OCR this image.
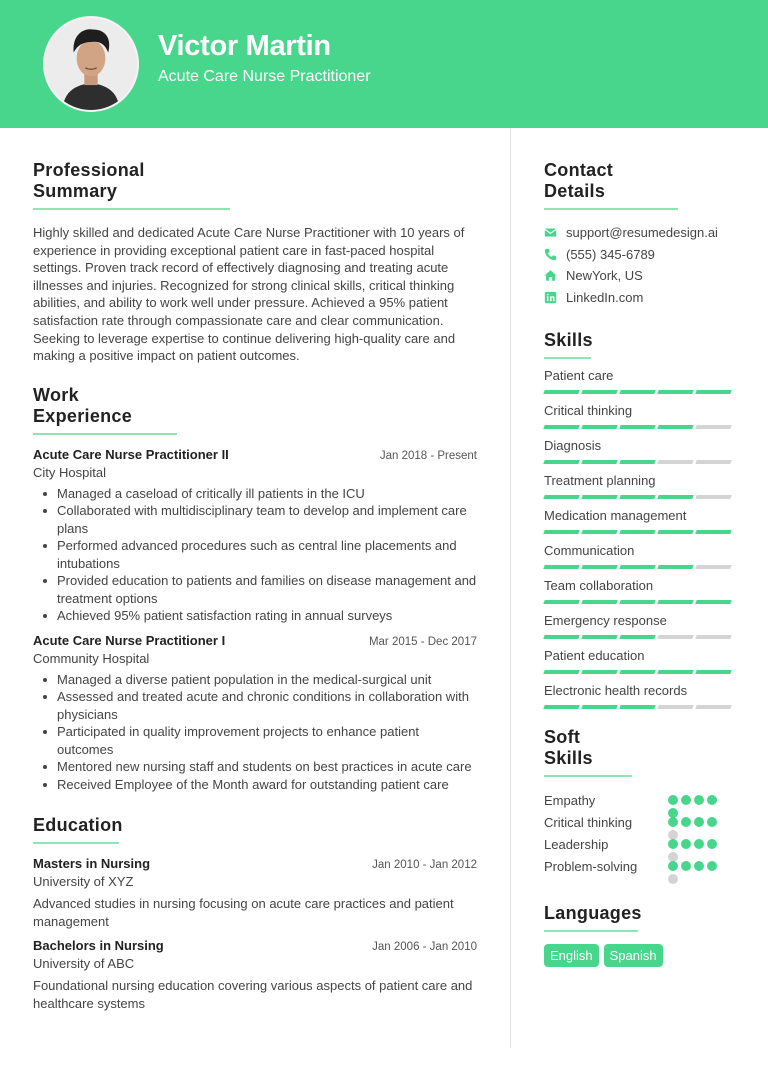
Victor Martin
Acute Care Nurse Practitioner
Professional Summary
Highly skilled and dedicated Acute Care Nurse Practitioner with 10 years of experience in providing exceptional patient care in fast-paced hospital settings. Proven track record of effectively diagnosing and treating acute illnesses and injuries. Recognized for strong clinical skills, critical thinking abilities, and ability to work well under pressure. Achieved a 95% patient satisfaction rate through compassionate care and clear communication. Seeking to leverage expertise to continue delivering high-quality care and making a positive impact on patient outcomes.
Work Experience
Acute Care Nurse Practitioner II	Jan 2018 - Present
City Hospital
Managed a caseload of critically ill patients in the ICU
Collaborated with multidisciplinary team to develop and implement care plans
Performed advanced procedures such as central line placements and intubations
Provided education to patients and families on disease management and treatment options
Achieved 95% patient satisfaction rating in annual surveys
Acute Care Nurse Practitioner I	Mar 2015 - Dec 2017
Community Hospital
Managed a diverse patient population in the medical-surgical unit
Assessed and treated acute and chronic conditions in collaboration with physicians
Participated in quality improvement projects to enhance patient outcomes
Mentored new nursing staff and students on best practices in acute care
Received Employee of the Month award for outstanding patient care
Education
Masters in Nursing	Jan 2010 - Jan 2012
University of XYZ
Advanced studies in nursing focusing on acute care practices and patient management
Bachelors in Nursing	Jan 2006 - Jan 2010
University of ABC
Foundational nursing education covering various aspects of patient care and healthcare systems
Contact Details
support@resumedesign.ai
(555) 345-6789
NewYork, US
LinkedIn.com
Skills
Patient care
Critical thinking
Diagnosis
Treatment planning
Medication management
Communication
Team collaboration
Emergency response
Patient education
Electronic health records
Soft Skills
Empathy
Critical thinking
Leadership
Problem-solving
Languages
English	Spanish
